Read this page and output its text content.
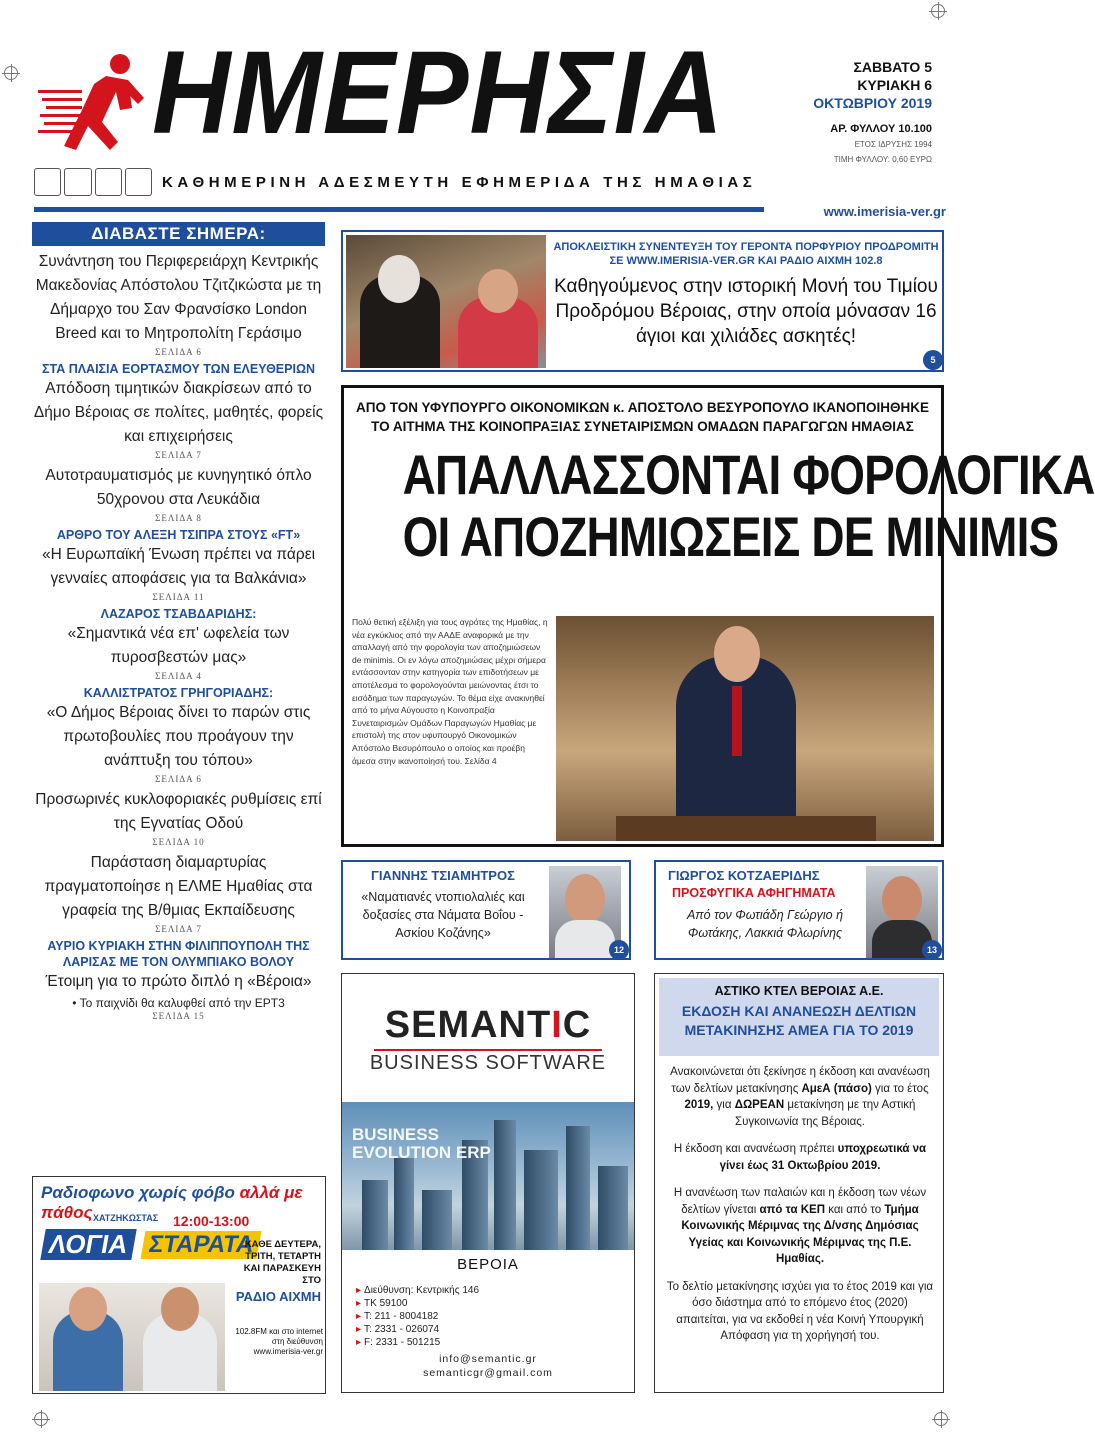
ΗΜΕΡΗΣΙΑ
ΚΑΘΗΜΕΡΙΝΗ ΑΔΕΣΜΕΥΤΗ ΕΦΗΜΕΡΙΔΑ ΤΗΣ ΗΜΑΘΙΑΣ
ΣΑΒΒΑΤΟ 5
ΚΥΡΙΑΚΗ 6
ΟΚΤΩΒΡΙΟΥ 2019
ΑΡ. ΦΥΛΛΟΥ 10.100
ΕΤΟΣ ΙΔΡΥΣΗΣ 1994
ΤΙΜΗ ΦΥΛΛΟΥ: 0,60 ΕΥΡΩ
www.imerisia-ver.gr
ΔΙΑΒΑΣΤΕ ΣΗΜΕΡΑ:
Συνάντηση του Περιφερειάρχη Κεντρικής Μακεδονίας Απόστολου Τζιτζικώστα με τη Δήμαρχο του Σαν Φρανσίσκο London Breed και το Μητροπολίτη Γεράσιμο
ΣΕΛΙΔΑ 6
ΣΤΑ ΠΛΑΙΣΙΑ ΕΟΡΤΑΣΜΟΥ ΤΩΝ ΕΛΕΥΘΕΡΙΩΝ
Απόδοση τιμητικών διακρίσεων από το Δήμο Βέροιας σε πολίτες, μαθητές, φορείς και επιχειρήσεις
ΣΕΛΙΔΑ 7
Αυτοτραυματισμός με κυνηγητικό όπλο 50χρονου στα Λευκάδια
ΣΕΛΙΔΑ 8
ΑΡΘΡΟ ΤΟΥ ΑΛΕΞΗ ΤΣΙΠΡΑ ΣΤΟΥΣ «FT»
«Η Ευρωπαϊκή Ένωση πρέπει να πάρει γενναίες αποφάσεις για τα Βαλκάνια»
ΣΕΛΙΔΑ 11
ΛΑΖΑΡΟΣ ΤΣΑΒΔΑΡΙΔΗΣ:
«Σημαντικά νέα επ' ωφελεία των πυροσβεστών μας»
ΣΕΛΙΔΑ 4
ΚΑΛΛΙΣΤΡΑΤΟΣ ΓΡΗΓΟΡΙΑΔΗΣ:
«Ο Δήμος Βέροιας δίνει το παρών στις πρωτοβουλίες που προάγουν την ανάπτυξη του τόπου»
ΣΕΛΙΔΑ 6
Προσωρινές κυκλοφοριακές ρυθμίσεις επί της Εγνατίας Οδού
ΣΕΛΙΔΑ 10
Παράσταση διαμαρτυρίας πραγματοποίησε η ΕΛΜΕ Ημαθίας στα γραφεία της Β/θμιας Εκπαίδευσης
ΣΕΛΙΔΑ 7
ΑΥΡΙΟ ΚΥΡΙΑΚΗ ΣΤΗΝ ΦΙΛΙΠΠΟΥΠΟΛΗ ΤΗΣ ΛΑΡΙΣΑΣ ΜΕ ΤΟΝ ΟΛΥΜΠΙΑΚΟ ΒΟΛΟΥ
Έτοιμη για το πρώτο διπλό η «Βέροια»
• Το παιχνίδι θα καλυφθεί από την ΕΡΤ3
ΣΕΛΙΔΑ 15
Ραδιοφωνο χωρίς φόβο αλλά με πάθος ΧΑΤΖΗΚΩΣΤΑΣ 12:00-13:00
ΛΟΓΙΑ ΣΤΑΡΑΤΑ
ΚΑΘΕ ΔΕΥΤΕΡΑ, ΤΡΙΤΗ, ΤΕΤΑΡΤΗ ΚΑΙ ΠΑΡΑΣΚΕΥΗ ΣΤΟ
ΡΑΔΙΟ ΑΙΧΜΗ
102.8FM και στο internet στη διεύθυνση www.imerisia-ver.gr
ΑΠΟΚΛΕΙΣΤΙΚΗ ΣΥΝΕΝΤΕΥΞΗ ΤΟΥ ΓΕΡΟΝΤΑ ΠΟΡΦΥΡΙΟΥ ΠΡΟΔΡΟΜΙΤΗ ΣΕ WWW.IMERISIA-VER.GR ΚΑΙ ΡΑΔΙΟ ΑΙΧΜΗ 102.8
Καθηγούμενος στην ιστορική Μονή του Τιμίου Προδρόμου Βέροιας, στην οποία μόνασαν 16 άγιοι και χιλιάδες ασκητές!
5
ΑΠΟ ΤΟΝ ΥΦΥΠΟΥΡΓΟ ΟΙΚΟΝΟΜΙΚΩΝ κ. ΑΠΟΣΤΟΛΟ ΒΕΣΥΡΟΠΟΥΛΟ ΙΚΑΝΟΠΟΙΗΘΗΚΕ
ΤΟ ΑΙΤΗΜΑ ΤΗΣ ΚΟΙΝΟΠΡΑΞΙΑΣ ΣΥΝΕΤΑΙΡΙΣΜΩΝ ΟΜΑΔΩΝ ΠΑΡΑΓΩΓΩΝ ΗΜΑΘΙΑΣ
ΑΠΑΛΛΑΣΣΟΝΤΑΙ ΦΟΡΟΛΟΓΙΚΑ
ΟΙ ΑΠΟΖΗΜΙΩΣΕΙΣ DE MINIMIS
Πολύ θετική εξέλιξη για τους αγρότες της Ημαθίας, η νέα εγκύκλιος από την ΑΑΔΕ αναφορικά με την απαλλαγή από την φορολογία των αποζημιώσεων de minimis. Οι εν λόγω αποζημιώσεις μέχρι σήμερα εντάσσονταν στην κατηγορία των επιδοτήσεων με αποτέλεσμα το φορολογούνται μειώνοντας έτσι το εισόδημα των παραγωγών. Το θέμα είχε ανακινηθεί από το μήνα Αύγουστο η Κοινοπραξία Συνεταιρισμών Ομάδων Παραγωγών Ημαθίας με επιστολή της στον υφυπουργό Οικονομικών Απόστολο Βεσυρόπουλο ο οποίος και προέβη άμεσα στην ικανοποίησή του. Σελίδα 4
ΓΙΑΝΝΗΣ ΤΣΙΑΜΗΤΡΟΣ
«Ναματιανές ντοπιολαλιές και δοξασίες στα Νάματα Βοΐου - Ασκίου Κοζάνης»
12
ΓΙΩΡΓΟΣ ΚΟΤΖΑΕΡΙΔΗΣ
ΠΡΟΣΦΥΓΙΚΑ ΑΦΗΓΗΜΑΤΑ
Από τον Φωτιάδη Γεώργιο ή Φωτάκης, Λακκιά Φλωρίνης
13
SEMANTIC
BUSINESS SOFTWARE
BUSINESS
EVOLUTION ERP
ΒΕΡΟΙΑ
▸ Διεύθυνση: Κεντρικής 146
▸ ΤΚ 59100
▸ Τ: 211 - 8004182
▸ Τ: 2331 - 026074
▸ F: 2331 - 501215
info@semantic.gr
semanticgr@gmail.com
ΑΣΤΙΚΟ ΚΤΕΛ ΒΕΡΟΙΑΣ Α.Ε.
ΕΚΔΟΣΗ ΚΑΙ ΑΝΑΝΕΩΣΗ ΔΕΛΤΙΩΝ
ΜΕΤΑΚΙΝΗΣΗΣ ΑΜΕΑ ΓΙΑ ΤΟ 2019

Ανακοινώνεται ότι ξεκίνησε η έκδοση και ανανέωση των δελτίων μετακίνησης ΑμεΑ (πάσο) για το έτος 2019, για ΔΩΡΕΑΝ μετακίνηση με την Αστική Συγκοινωνία της Βέροιας.

Η έκδοση και ανανέωση πρέπει υποχρεωτικά να γίνει έως 31 Οκτωβρίου 2019.

Η ανανέωση των παλαιών και η έκδοση των νέων δελτίων γίνεται από τα ΚΕΠ και από το Τμήμα Κοινωνικής Μέριμνας της Δ/νσης Δημόσιας Υγείας και Κοινωνικής Μέριμνας της Π.Ε. Ημαθίας.

Το δελτίο μετακίνησης ισχύει για το έτος 2019 και για όσο διάστημα από το επόμενο έτος (2020) απαιτείται, για να εκδοθεί η νέα Κοινή Υπουργική Απόφαση για τη χορήγησή του.
